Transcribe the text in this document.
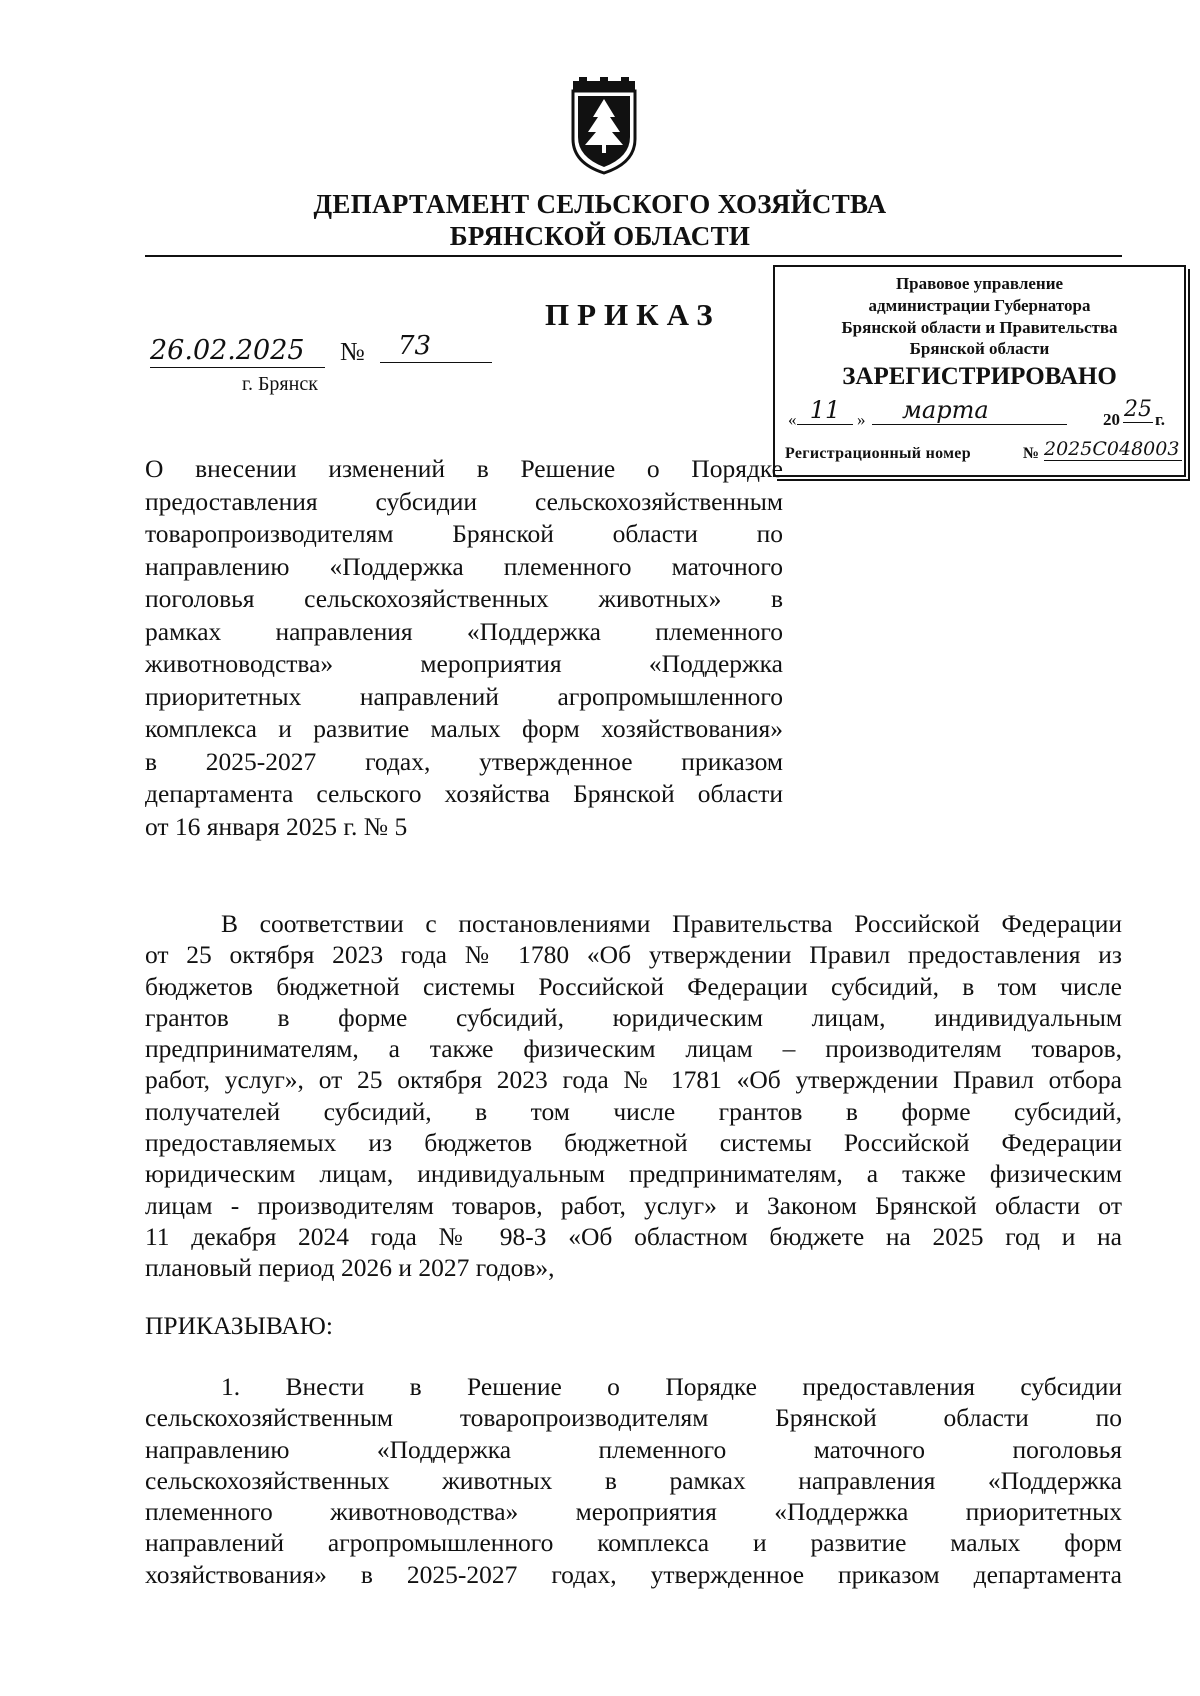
ДЕПАРТАМЕНТ СЕЛЬСКОГО ХОЗЯЙСТВА
БРЯНСКОЙ ОБЛАСТИ
ПРИКАЗ
26.02.2025	№	73
г. Брянск
Правовое управление
администрации Губернатора
Брянской области и Правительства
Брянской области
ЗАРЕГИСТРИРОВАНО
« 11 »	марта	20 25 г.
Регистрационный номер	№ 2025С048003
О внесении изменений в Решение о Порядке
предоставления субсидии сельскохозяйственным
товаропроизводителям Брянской области по
направлению «Поддержка племенного маточного
поголовья сельскохозяйственных животных» в
рамках направления «Поддержка племенного
животноводства» мероприятия «Поддержка
приоритетных направлений агропромышленного
комплекса и развитие малых форм хозяйствования»
в 2025-2027 годах, утвержденное приказом
департамента сельского хозяйства Брянской области
от 16 января 2025 г. № 5
В соответствии с постановлениями Правительства Российской Федерации
от 25 октября 2023 года № 1780 «Об утверждении Правил предоставления из
бюджетов бюджетной системы Российской Федерации субсидий, в том числе
грантов в форме субсидий, юридическим лицам, индивидуальным
предпринимателям, а также физическим лицам – производителям товаров,
работ, услуг», от 25 октября 2023 года № 1781 «Об утверждении Правил отбора
получателей субсидий, в том числе грантов в форме субсидий,
предоставляемых из бюджетов бюджетной системы Российской Федерации
юридическим лицам, индивидуальным предпринимателям, а также физическим
лицам - производителям товаров, работ, услуг» и Законом Брянской области от
11 декабря 2024 года № 98-З «Об областном бюджете на 2025 год и на
плановый период 2026 и 2027 годов»,
ПРИКАЗЫВАЮ:
1. Внести в Решение о Порядке предоставления субсидии
сельскохозяйственным товаропроизводителям Брянской области по
направлению «Поддержка племенного маточного поголовья
сельскохозяйственных животных в рамках направления «Поддержка
племенного животноводства» мероприятия «Поддержка приоритетных
направлений агропромышленного комплекса и развитие малых форм
хозяйствования» в 2025-2027 годах, утвержденное приказом департамента
